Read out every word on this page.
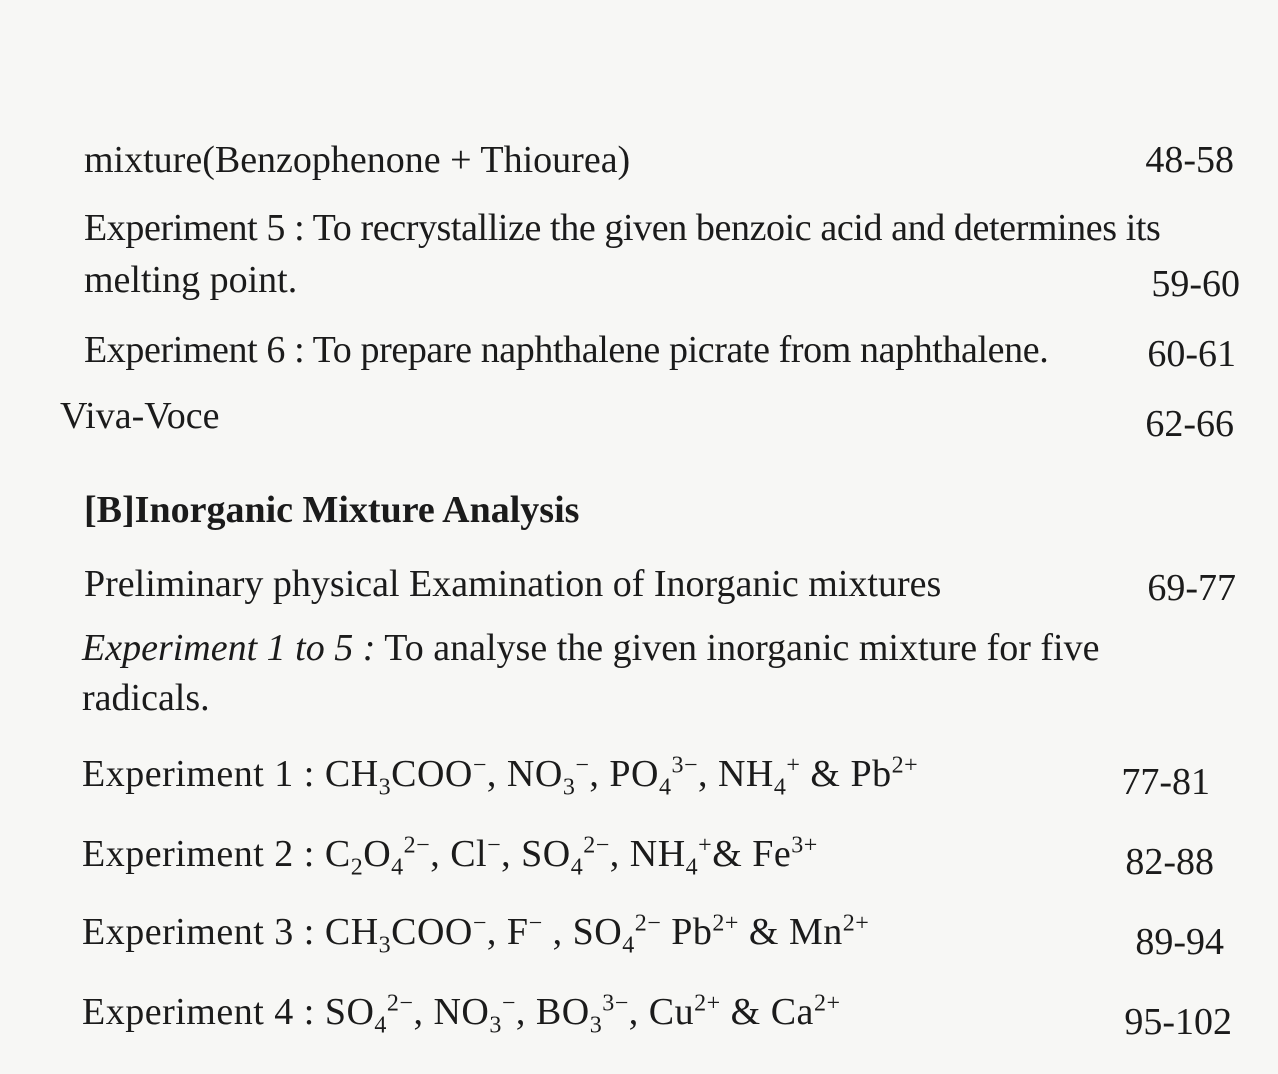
mixture(Benzophenone + Thiourea)	48-58
Experiment 5 : To recrystallize the given benzoic acid and determines its
melting point.	59-60
Experiment 6 : To prepare naphthalene picrate from naphthalene.	60-61
Viva-Voce	62-66
[B]Inorganic Mixture Analysis
Preliminary physical Examination of Inorganic mixtures	69-77
Experiment 1 to 5 : To analyse the given inorganic mixture for five
radicals.
Experiment 1 : $CH_3COO^-$, $NO_3^-$, $PO_4^{3-}$, $NH_4^+$ & $Pb^{2+}$	77-81
Experiment 2 : $C_2O_4^{2-}$, Cl−, $SO_4^{2-}$, $NH_4^+\&$ $Fe^{3+}$	82-88
Experiment 3 : $CH_3COO^-$, F− , $SO_4^{2-}$ $Pb^{2+}$ & $Mn^{2+}$	89-94
Experiment 4 : $SO_4^{2-}$, $NO_3^-$, $BO_3^{3-}$, $Cu^{2+}$ & $Ca^{2+}$	95-102
